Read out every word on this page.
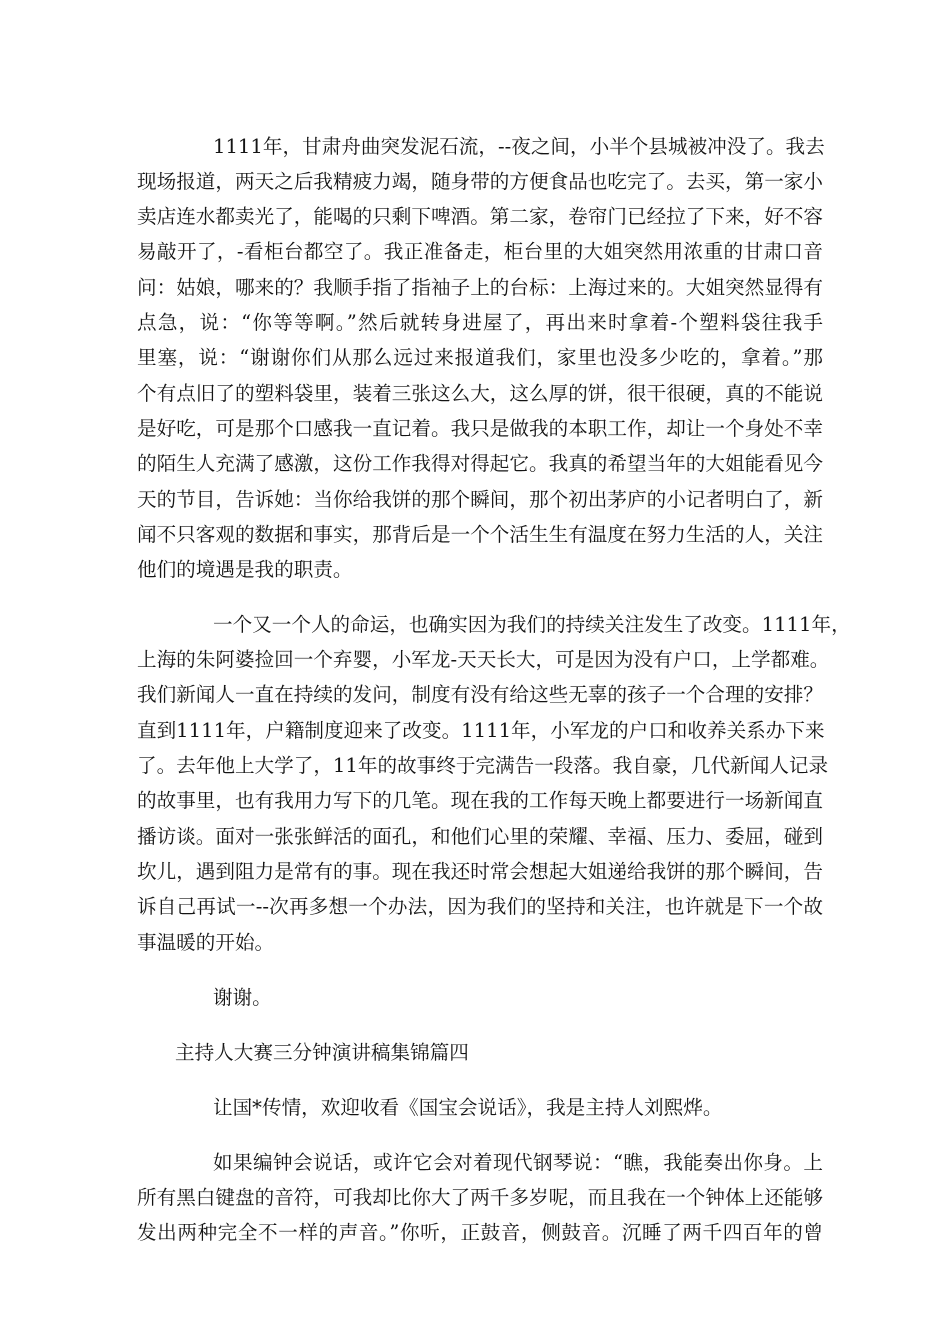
1111年，甘肃舟曲突发泥石流，--夜之间，小半个县城被冲没了。我去
现场报道，两天之后我精疲力竭，随身带的方便食品也吃完了。去买，第一家小
卖店连水都卖光了，能喝的只剩下啤酒。第二家，卷帘门已经拉了下来，好不容
易敲开了，-看柜台都空了。我正准备走，柜台里的大姐突然用浓重的甘肃口音
问：姑娘，哪来的？我顺手指了指袖子上的台标：上海过来的。大姐突然显得有
点急，说：“你等等啊。”然后就转身进屋了，再出来时拿着-个塑料袋往我手
里塞，说：“谢谢你们从那么远过来报道我们，家里也没多少吃的，拿着。”那
个有点旧了的塑料袋里，装着三张这么大，这么厚的饼，很干很硬，真的不能说
是好吃，可是那个口感我一直记着。我只是做我的本职工作，却让一个身处不幸
的陌生人充满了感激，这份工作我得对得起它。我真的希望当年的大姐能看见今
天的节目，告诉她：当你给我饼的那个瞬间，那个初出茅庐的小记者明白了，新
闻不只客观的数据和事实，那背后是一个个活生生有温度在努力生活的人，关注
他们的境遇是我的职责。
一个又一个人的命运，也确实因为我们的持续关注发生了改变。1111年，
上海的朱阿婆捡回一个弃婴，小军龙-天天长大，可是因为没有户口，上学都难。
我们新闻人一直在持续的发问，制度有没有给这些无辜的孩子一个合理的安排？
直到1111年，户籍制度迎来了改变。1111年，小军龙的户口和收养关系办下来
了。去年他上大学了，11年的故事终于完满告一段落。我自豪，几代新闻人记录
的故事里，也有我用力写下的几笔。现在我的工作每天晚上都要进行一场新闻直
播访谈。面对一张张鲜活的面孔，和他们心里的荣耀、幸福、压力、委屈，碰到
坎儿，遇到阻力是常有的事。现在我还时常会想起大姐递给我饼的那个瞬间，告
诉自己再试一--次再多想一个办法，因为我们的坚持和关注，也许就是下一个故
事温暖的开始。
谢谢。
主持人大赛三分钟演讲稿集锦篇四
让国*传情，欢迎收看《国宝会说话》，我是主持人刘熙烨。
如果编钟会说话，或许它会对着现代钢琴说：“瞧，我能奏出你身。上
所有黑白键盘的音符，可我却比你大了两千多岁呢，而且我在一个钟体上还能够
发出两种完全不一样的声音。”你听，正鼓音，侧鼓音。沉睡了两千四百年的曾
